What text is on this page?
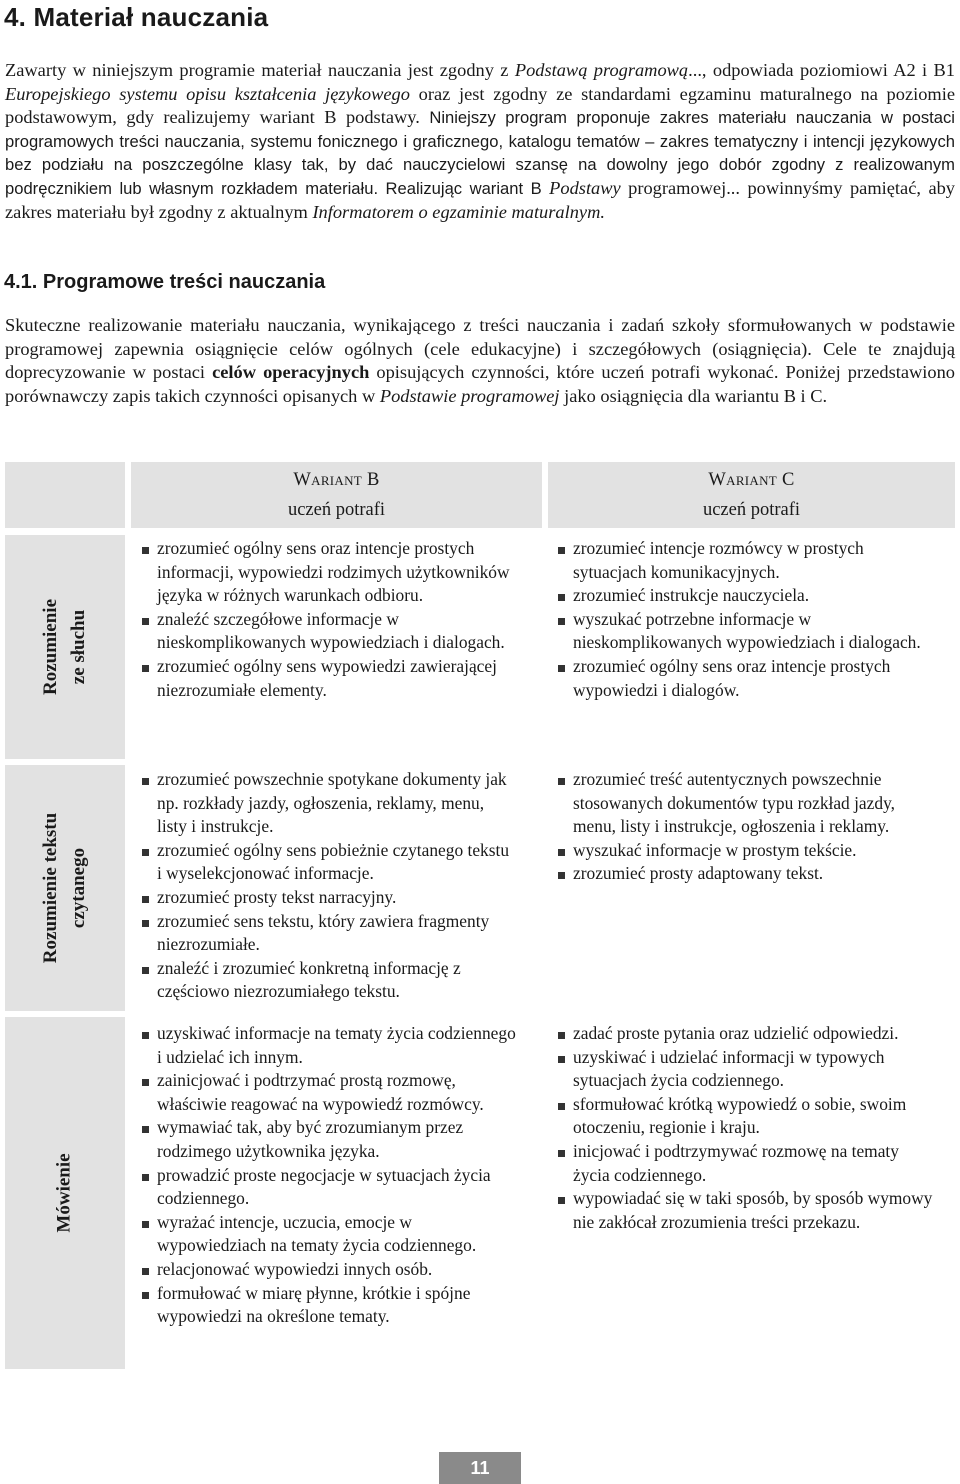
4. Materiał nauczania
Zawarty w niniejszym programie materiał nauczania jest zgodny z Podstawą programową..., odpowiada poziomiowi A2 i B1 Europejskiego systemu opisu kształcenia językowego oraz jest zgodny ze standardami egzaminu maturalnego na poziomie podstawowym, gdy realizujemy wariant B podstawy. Niniejszy program proponuje zakres materiału nauczania w postaci programowych treści nauczania, systemu fonicznego i graficznego, katalogu tematów – zakres tematyczny i intencji językowych bez podziału na poszczególne klasy tak, by dać nauczycielowi szansę na dowolny jego dobór zgodny z realizowanym podręcznikiem lub własnym rozkładem materiału. Realizując wariant B Podstawy programowej... powinnyśmy pamiętać, aby zakres materiału był zgodny z aktualnym Informatorem o egzaminie maturalnym.
4.1. Programowe treści nauczania
Skuteczne realizowanie materiału nauczania, wynikającego z treści nauczania i zadań szkoły sformułowanych w podstawie programowej zapewnia osiągnięcie celów ogólnych (cele edukacyjne) i szczegółowych (osiągnięcia). Cele te znajdują doprecyzowanie w postaci celów operacyjnych opisujących czynności, które uczeń potrafi wykonać. Poniżej przedstawiono porównawczy zapis takich czynności opisanych w Podstawie programowej jako osiągnięcia dla wariantu B i C.
Wariant B
uczeń potrafi
Wariant C
uczeń potrafi
Rozumienie ze słuchu
Rozumienie tekstu czytanego
Mówienie
zrozumieć ogólny sens oraz intencje prostych informacji, wypowiedzi rodzimych użytkowników języka w różnych warunkach odbioru.
znaleźć szczegółowe informacje w nieskomplikowanych wypowiedziach i dialogach.
zrozumieć ogólny sens wypowiedzi zawierającej niezrozumiałe elementy.
zrozumieć intencje rozmówcy w prostych sytuacjach komunikacyjnych.
zrozumieć instrukcje nauczyciela.
wyszukać potrzebne informacje w nieskomplikowanych wypowiedziach i dialogach.
zrozumieć ogólny sens oraz intencje prostych wypowiedzi i dialogów.
zrozumieć powszechnie spotykane dokumenty jak np. rozkłady jazdy, ogłoszenia, reklamy, menu, listy i instrukcje.
zrozumieć ogólny sens pobieżnie czytanego tekstu i wyselekcjonować informacje.
zrozumieć prosty tekst narracyjny.
zrozumieć sens tekstu, który zawiera fragmenty niezrozumiałe.
znaleźć i zrozumieć konkretną informację z częściowo niezrozumiałego tekstu.
zrozumieć treść autentycznych powszechnie stosowanych dokumentów typu rozkład jazdy, menu, listy i instrukcje, ogłoszenia i reklamy.
wyszukać informacje w prostym tekście.
zrozumieć prosty adaptowany tekst.
uzyskiwać informacje na tematy życia codziennego i udzielać ich innym.
zainicjować i podtrzymać prostą rozmowę, właściwie reagować na wypowiedź rozmówcy.
wymawiać tak, aby być zrozumianym przez rodzimego użytkownika języka.
prowadzić proste negocjacje w sytuacjach życia codziennego.
wyrażać intencje, uczucia, emocje w wypowiedziach na tematy życia codziennego.
relacjonować wypowiedzi innych osób.
formułować w miarę płynne, krótkie i spójne wypowiedzi na określone tematy.
zadać proste pytania oraz udzielić odpowiedzi.
uzyskiwać i udzielać informacji w typowych sytuacjach życia codziennego.
sformułować krótką wypowiedź o sobie, swoim otoczeniu, regionie i kraju.
inicjować i podtrzymywać rozmowę na tematy życia codziennego.
wypowiadać się w taki sposób, by sposób wymowy nie zakłócał zrozumienia treści przekazu.
11
